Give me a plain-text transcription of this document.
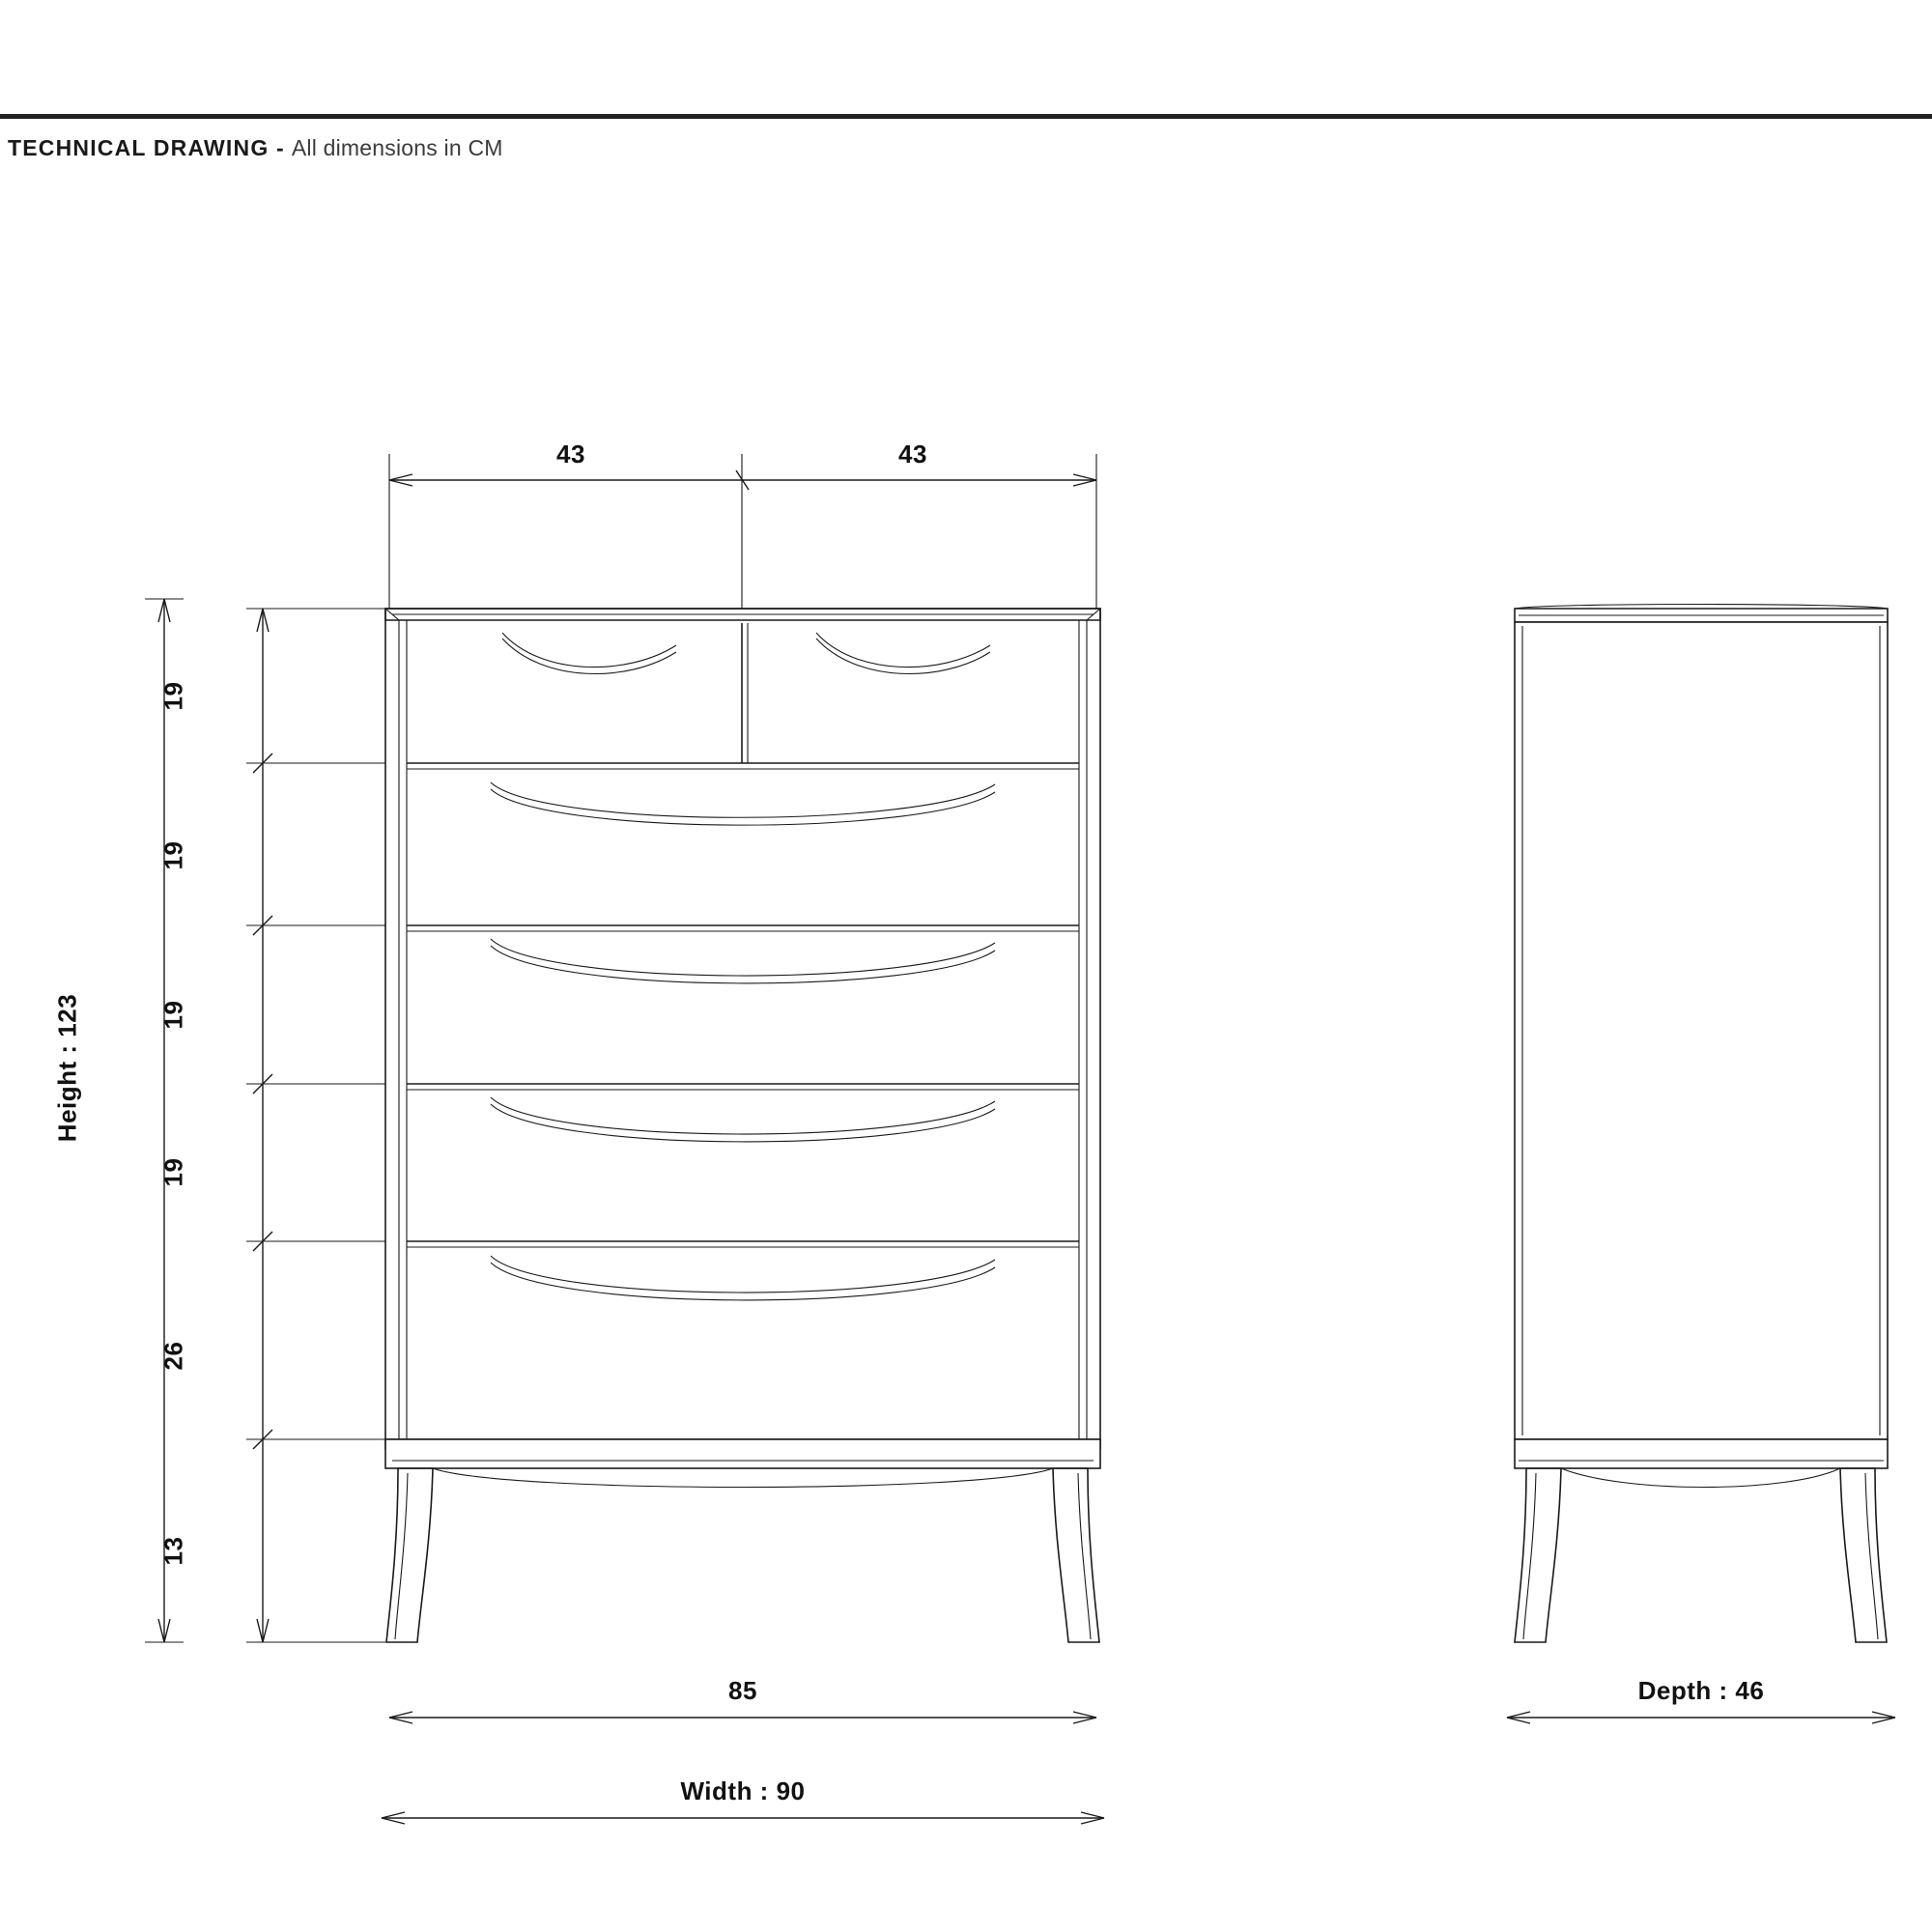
TECHNICAL DRAWING - All dimensions in CM
43	43
Height : 123
19
19
19
19
26
13
85
Width : 90
Depth : 46
